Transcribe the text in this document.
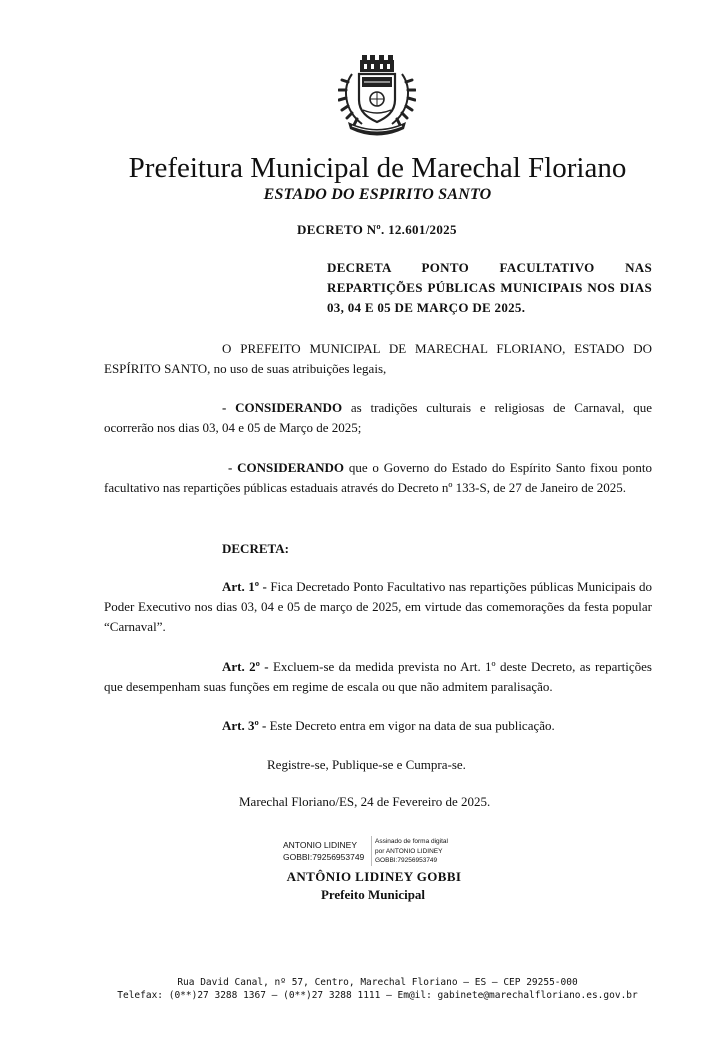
Prefeitura Municipal de Marechal Floriano
ESTADO DO ESPIRITO SANTO
DECRETO Nº. 12.601/2025
DECRETA PONTO FACULTATIVO NAS REPARTIÇÕES PÚBLICAS MUNICIPAIS NOS DIAS 03, 04 E 05 DE MARÇO DE 2025.
O PREFEITO MUNICIPAL DE MARECHAL FLORIANO, ESTADO DO ESPÍRITO SANTO, no uso de suas atribuições legais,
- CONSIDERANDO as tradições culturais e religiosas de Carnaval, que ocorrerão nos dias 03, 04 e 05 de Março de 2025;
- CONSIDERANDO que o Governo do Estado do Espírito Santo fixou ponto facultativo nas repartições públicas estaduais através do Decreto nº 133-S, de 27 de Janeiro de 2025.
DECRETA:
Art. 1º - Fica Decretado Ponto Facultativo nas repartições públicas Municipais do Poder Executivo nos dias 03, 04 e 05 de março de 2025, em virtude das comemorações da festa popular “Carnaval”.
Art. 2º - Excluem-se da medida prevista no Art. 1º deste Decreto, as repartições que desempenham suas funções em regime de escala ou que não admitem paralisação.
Art. 3º - Este Decreto entra em vigor na data de sua publicação.
Registre-se, Publique-se e Cumpra-se.
Marechal Floriano/ES, 24 de Fevereiro de 2025.
ANTONIO LIDINEY
GOBBI:79256953749
Assinado de forma digital
por ANTONIO LIDINEY
GOBBI:79256953749
ANTÔNIO LIDINEY GOBBI
Prefeito Municipal
Rua David Canal, nº 57, Centro, Marechal Floriano – ES – CEP 29255-000
Telefax: (0**)27 3288 1367 – (0**)27 3288 1111 – Em@il: gabinete@marechalfloriano.es.gov.br
